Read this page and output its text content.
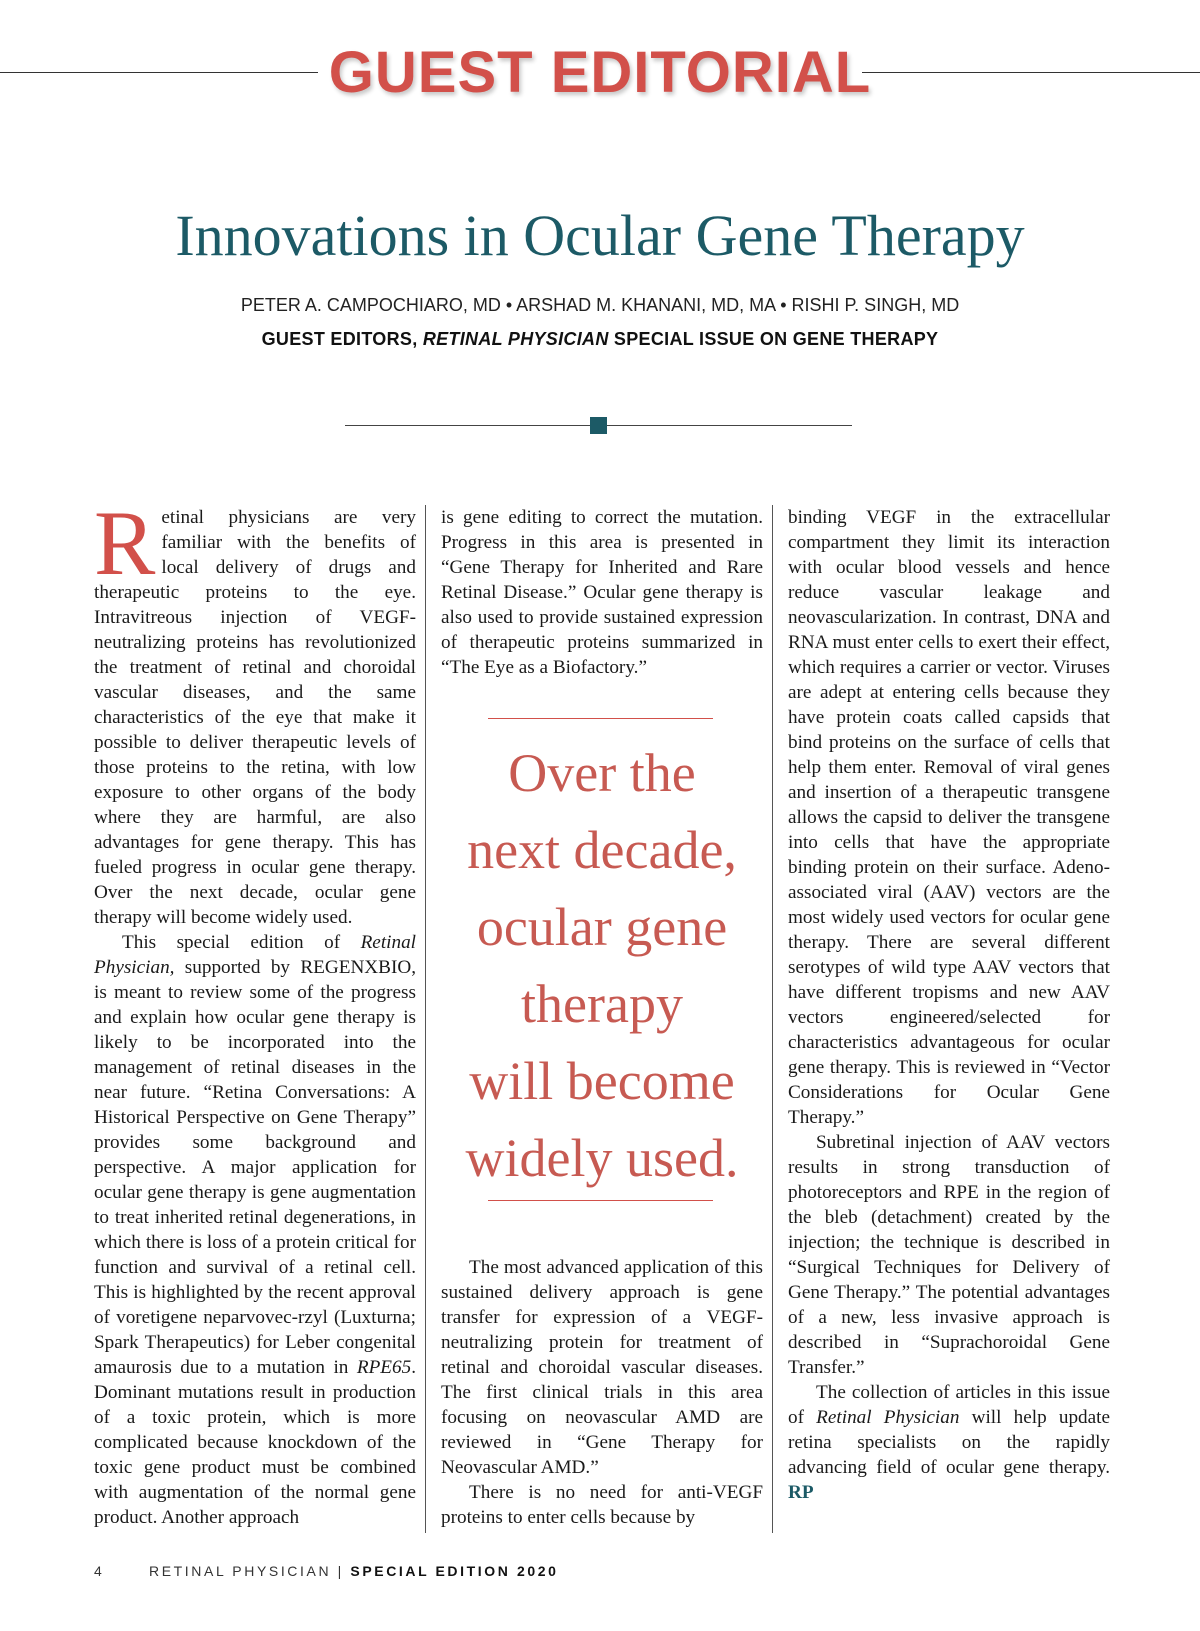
GUEST EDITORIAL
Innovations in Ocular Gene Therapy
PETER A. CAMPOCHIARO, MD • ARSHAD M. KHANANI, MD, MA • RISHI P. SINGH, MD
GUEST EDITORS, RETINAL PHYSICIAN SPECIAL ISSUE ON GENE THERAPY

Retinal physicians are very familiar with the benefits of local delivery of drugs and therapeutic proteins to the eye. Intravitreous injection of VEGF-neutralizing proteins has revolutionized the treatment of retinal and choroidal vascular diseases, and the same characteristics of the eye that make it possible to deliver therapeutic levels of those proteins to the retina, with low exposure to other organs of the body where they are harmful, are also advantages for gene therapy. This has fueled progress in ocular gene therapy. Over the next decade, ocular gene therapy will become widely used.

This special edition of Retinal Physician, supported by REGENXBIO, is meant to review some of the progress and explain how ocular gene therapy is likely to be incorporated into the management of retinal diseases in the near future. “Retina Conversations: A Historical Perspective on Gene Therapy” provides some background and perspective. A major application for ocular gene therapy is gene augmentation to treat inherited retinal degenerations, in which there is loss of a protein critical for function and survival of a retinal cell. This is highlighted by the recent approval of voretigene neparvovec-rzyl (Luxturna; Spark Therapeutics) for Leber congenital amaurosis due to a mutation in RPE65. Dominant mutations result in production of a toxic protein, which is more complicated because knockdown of the toxic gene product must be combined with augmentation of the normal gene product. Another approach

is gene editing to correct the mutation. Progress in this area is presented in “Gene Therapy for Inherited and Rare Retinal Disease.” Ocular gene therapy is also used to provide sustained expression of therapeutic proteins summarized in “The Eye as a Biofactory.”

Over the
next decade,
ocular gene
therapy
will become
widely used.

The most advanced application of this sustained delivery approach is gene transfer for expression of a VEGF-neutralizing protein for treatment of retinal and choroidal vascular diseases. The first clinical trials in this area focusing on neovascular AMD are reviewed in “Gene Therapy for Neovascular AMD.”

There is no need for anti-VEGF proteins to enter cells because by

binding VEGF in the extracellular compartment they limit its interaction with ocular blood vessels and hence reduce vascular leakage and neovascularization. In contrast, DNA and RNA must enter cells to exert their effect, which requires a carrier or vector. Viruses are adept at entering cells because they have protein coats called capsids that bind proteins on the surface of cells that help them enter. Removal of viral genes and insertion of a therapeutic transgene allows the capsid to deliver the transgene into cells that have the appropriate binding protein on their surface. Adeno-associated viral (AAV) vectors are the most widely used vectors for ocular gene therapy. There are several different serotypes of wild type AAV vectors that have different tropisms and new AAV vectors engineered/selected for characteristics advantageous for ocular gene therapy. This is reviewed in “Vector Considerations for Ocular Gene Therapy.”

Subretinal injection of AAV vectors results in strong transduction of photoreceptors and RPE in the region of the bleb (detachment) created by the injection; the technique is described in “Surgical Techniques for Delivery of Gene Therapy.” The potential advantages of a new, less invasive approach is described in “Suprachoroidal Gene Transfer.”

The collection of articles in this issue of Retinal Physician will help update retina specialists on the rapidly advancing field of ocular gene therapy. RP

4	RETINAL PHYSICIAN | SPECIAL EDITION 2020
